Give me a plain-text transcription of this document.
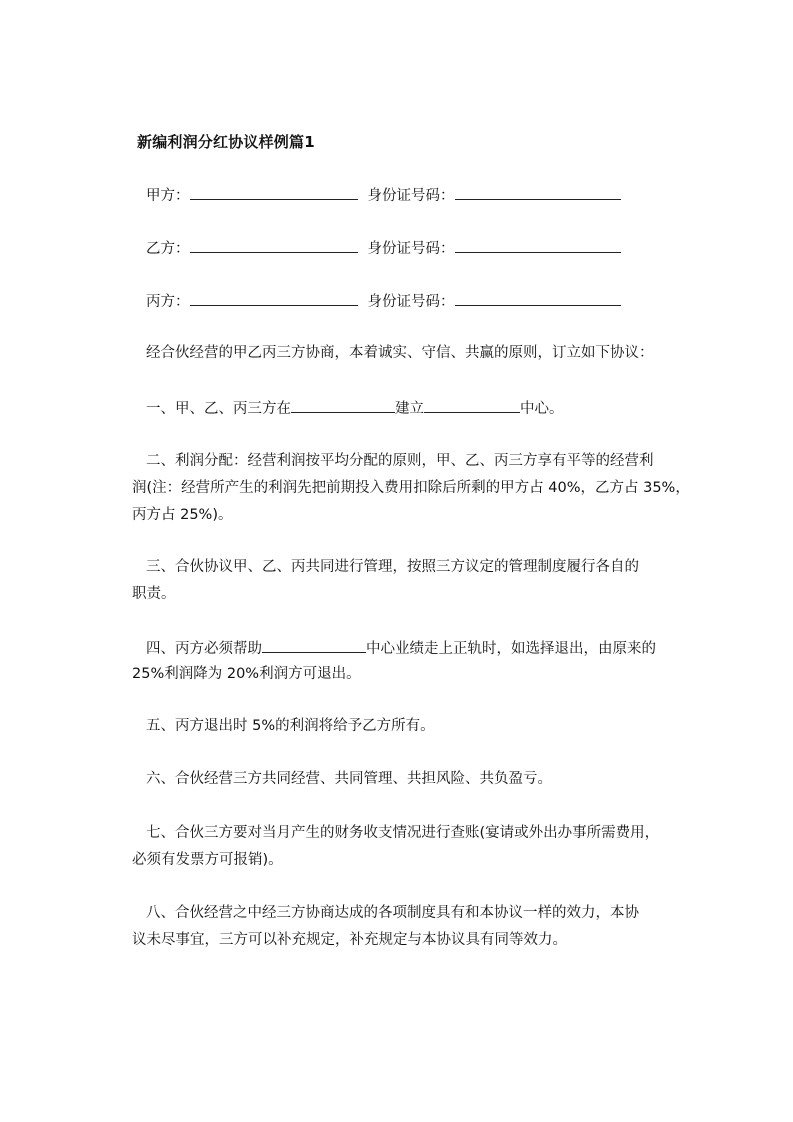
新编利润分红协议样例篇1
甲方：	身份证号码：
乙方：	身份证号码：
丙方：	身份证号码：
经合伙经营的甲乙丙三方协商，本着诚实、守信、共赢的原则，订立如下协议：
一、甲、乙、丙三方在	建立	中心。
二、利润分配：经营利润按平均分配的原则，甲、乙、丙三方享有平等的经营利
润(注：经营所产生的利润先把前期投入费用扣除后所剩的甲方占 40%，乙方占 35%，
丙方占 25%)。
三、合伙协议甲、乙、丙共同进行管理，按照三方议定的管理制度履行各自的
职责。
四、丙方必须帮助	中心业绩走上正轨时，如选择退出，由原来的
25%利润降为 20%利润方可退出。
五、丙方退出时 5%的利润将给予乙方所有。
六、合伙经营三方共同经营、共同管理、共担风险、共负盈亏。
七、合伙三方要对当月产生的财务收支情况进行查账(宴请或外出办事所需费用，
必须有发票方可报销)。
八、合伙经营之中经三方协商达成的各项制度具有和本协议一样的效力，本协
议未尽事宜，三方可以补充规定，补充规定与本协议具有同等效力。
